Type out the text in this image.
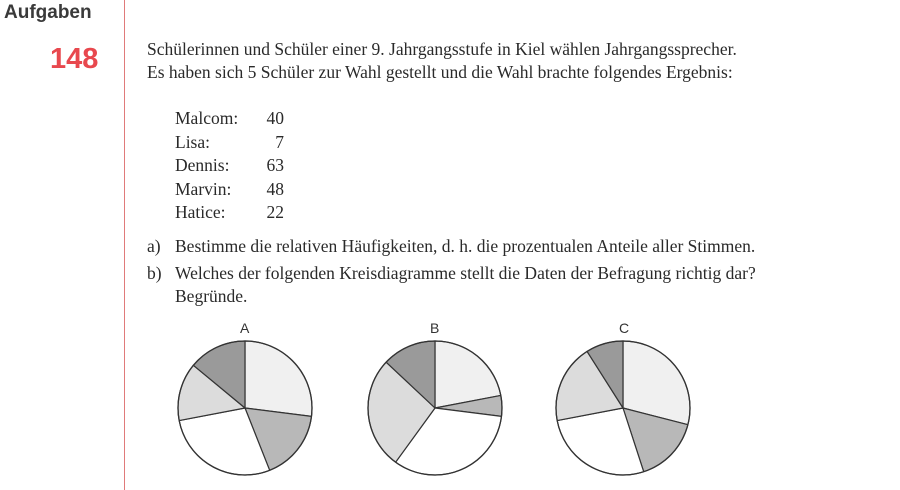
Aufgaben
148	Schülerinnen und Schüler einer 9. Jahrgangsstufe in Kiel wählen Jahrgangssprecher.
Es haben sich 5 Schüler zur Wahl gestellt und die Wahl brachte folgendes Ergebnis:
Malcom:	40
Lisa:	7
Dennis:	63
Marvin:	48
Hatice:	22
a) Bestimme die relativen Häufigkeiten, d. h. die prozentualen Anteile aller Stimmen.
b) Welches der folgenden Kreisdiagramme stellt die Daten der Befragung richtig dar?
Begründe.
A	B	C
